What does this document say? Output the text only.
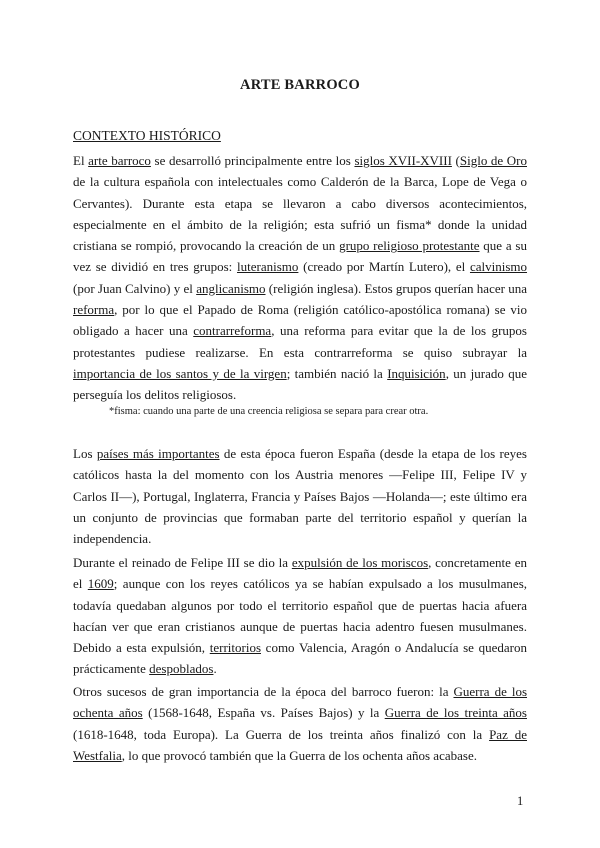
ARTE BARROCO
CONTEXTO HISTÓRICO
El arte barroco se desarrolló principalmente entre los siglos XVII-XVIII (Siglo de Oro de la cultura española con intelectuales como Calderón de la Barca, Lope de Vega o Cervantes). Durante esta etapa se llevaron a cabo diversos acontecimientos, especialmente en el ámbito de la religión; esta sufrió un fisma* donde la unidad cristiana se rompió, provocando la creación de un grupo religioso protestante que a su vez se dividió en tres grupos: luteranismo (creado por Martín Lutero), el calvinismo (por Juan Calvino) y el anglicanismo (religión inglesa). Estos grupos querían hacer una reforma, por lo que el Papado de Roma (religión católico-apostólica romana) se vio obligado a hacer una contrarreforma, una reforma para evitar que la de los grupos protestantes pudiese realizarse. En esta contrarreforma se quiso subrayar la importancia de los santos y de la virgen; también nació la Inquisición, un jurado que perseguía los delitos religiosos.
*fisma: cuando una parte de una creencia religiosa se separa para crear otra.
Los países más importantes de esta época fueron España (desde la etapa de los reyes católicos hasta la del momento con los Austria menores —Felipe III, Felipe IV y Carlos II—), Portugal, Inglaterra, Francia y Países Bajos —Holanda—; este último era un conjunto de provincias que formaban parte del territorio español y querían la independencia.
Durante el reinado de Felipe III se dio la expulsión de los moriscos, concretamente en el 1609; aunque con los reyes católicos ya se habían expulsado a los musulmanes, todavía quedaban algunos por todo el territorio español que de puertas hacia afuera hacían ver que eran cristianos aunque de puertas hacia adentro fuesen musulmanes. Debido a esta expulsión, territorios como Valencia, Aragón o Andalucía se quedaron prácticamente despoblados.
Otros sucesos de gran importancia de la época del barroco fueron: la Guerra de los ochenta años (1568-1648, España vs. Países Bajos) y la Guerra de los treinta años (1618-1648, toda Europa). La Guerra de los treinta años finalizó con la Paz de Westfalia, lo que provocó también que la Guerra de los ochenta años acabase.
1
